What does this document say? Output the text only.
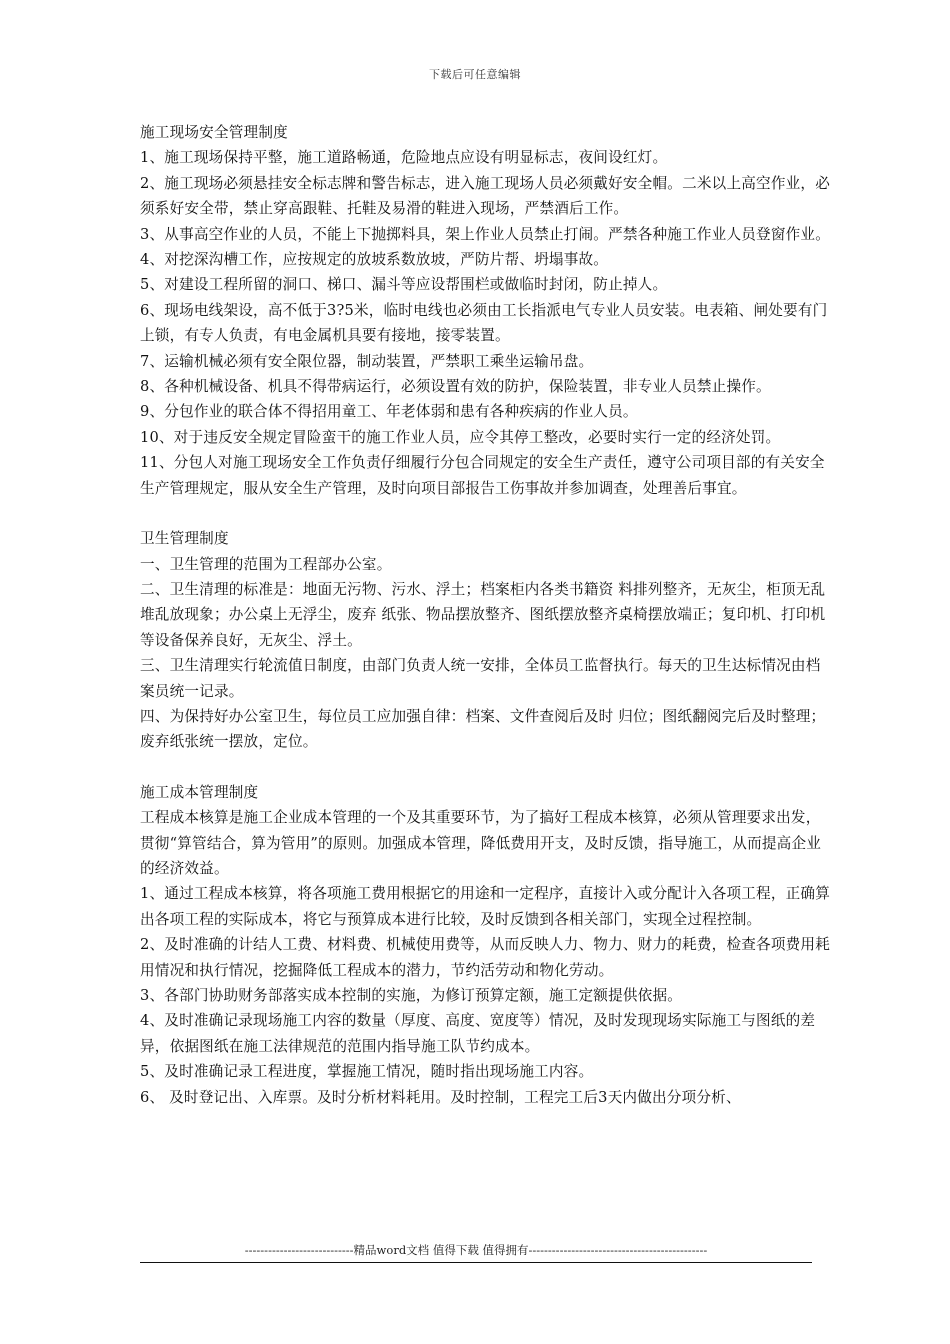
下载后可任意编辑

施工现场安全管理制度

1、施工现场保持平整，施工道路畅通，危险地点应设有明显标志，夜间设红灯。

2、施工现场必须悬挂安全标志牌和警告标志，进入施工现场人员必须戴好安全帽。二米以上高空作业，必须系好安全带，禁止穿高跟鞋、托鞋及易滑的鞋进入现场，严禁酒后工作。

3、从事高空作业的人员，不能上下抛掷料具，架上作业人员禁止打闹。严禁各种施工作业人员登窗作业。

4、对挖深沟槽工作，应按规定的放坡系数放坡，严防片帮、坍塌事故。

5、对建设工程所留的洞口、梯口、漏斗等应设帮围栏或做临时封闭，防止掉人。

6、现场电线架设，高不低于3?5米，临时电线也必须由工长指派电气专业人员安装。电表箱、闸处要有门上锁，有专人负责，有电金属机具要有接地，接零装置。

7、运输机械必须有安全限位器，制动装置，严禁职工乘坐运输吊盘。

8、各种机械设备、机具不得带病运行，必须设置有效的防护，保险装置，非专业人员禁止操作。

9、分包作业的联合体不得招用童工、年老体弱和患有各种疾病的作业人员。

10、对于违反安全规定冒险蛮干的施工作业人员，应令其停工整改，必要时实行一定的经济处罚。

11、分包人对施工现场安全工作负责仔细履行分包合同规定的安全生产责任，遵守公司项目部的有关安全生产管理规定，服从安全生产管理，及时向项目部报告工伤事故并参加调查，处理善后事宜。

卫生管理制度

一、卫生管理的范围为工程部办公室。

二、卫生清理的标准是：地面无污物、污水、浮土；档案柜内各类书籍资 料排列整齐，无灰尘，柜顶无乱堆乱放现象；办公桌上无浮尘，废弃 纸张、物品摆放整齐、图纸摆放整齐桌椅摆放端正；复印机、打印机 等设备保养良好，无灰尘、浮土。

三、卫生清理实行轮流值日制度，由部门负责人统一安排，全体员工监督执行。每天的卫生达标情况由档案员统一记录。

四、为保持好办公室卫生，每位员工应加强自律：档案、文件查阅后及时 归位；图纸翻阅完后及时整理；废弃纸张统一摆放，定位。

施工成本管理制度

工程成本核算是施工企业成本管理的一个及其重要环节，为了搞好工程成本核算，必须从管理要求出发，贯彻“算管结合，算为管用”的原则。加强成本管理，降低费用开支，及时反馈，指导施工，从而提高企业的经济效益。

1、通过工程成本核算，将各项施工费用根据它的用途和一定程序，直接计入或分配计入各项工程，正确算出各项工程的实际成本，将它与预算成本进行比较，及时反馈到各相关部门，实现全过程控制。

2、及时准确的计结人工费、材料费、机械使用费等，从而反映人力、物力、财力的耗费，检查各项费用耗用情况和执行情况，挖掘降低工程成本的潜力，节约活劳动和物化劳动。

3、各部门协助财务部落实成本控制的实施，为修订预算定额，施工定额提供依据。

4、及时准确记录现场施工内容的数量（厚度、高度、宽度等）情况，及时发现现场实际施工与图纸的差异，依据图纸在施工法律规范的范围内指导施工队节约成本。

5、及时准确记录工程进度，掌握施工情况，随时指出现场施工内容。

6、 及时登记出、入库票。及时分析材料耗用。及时控制，工程完工后3天内做出分项分析、

----------------------------精品word文档 值得下载 值得拥有----------------------------------------------
